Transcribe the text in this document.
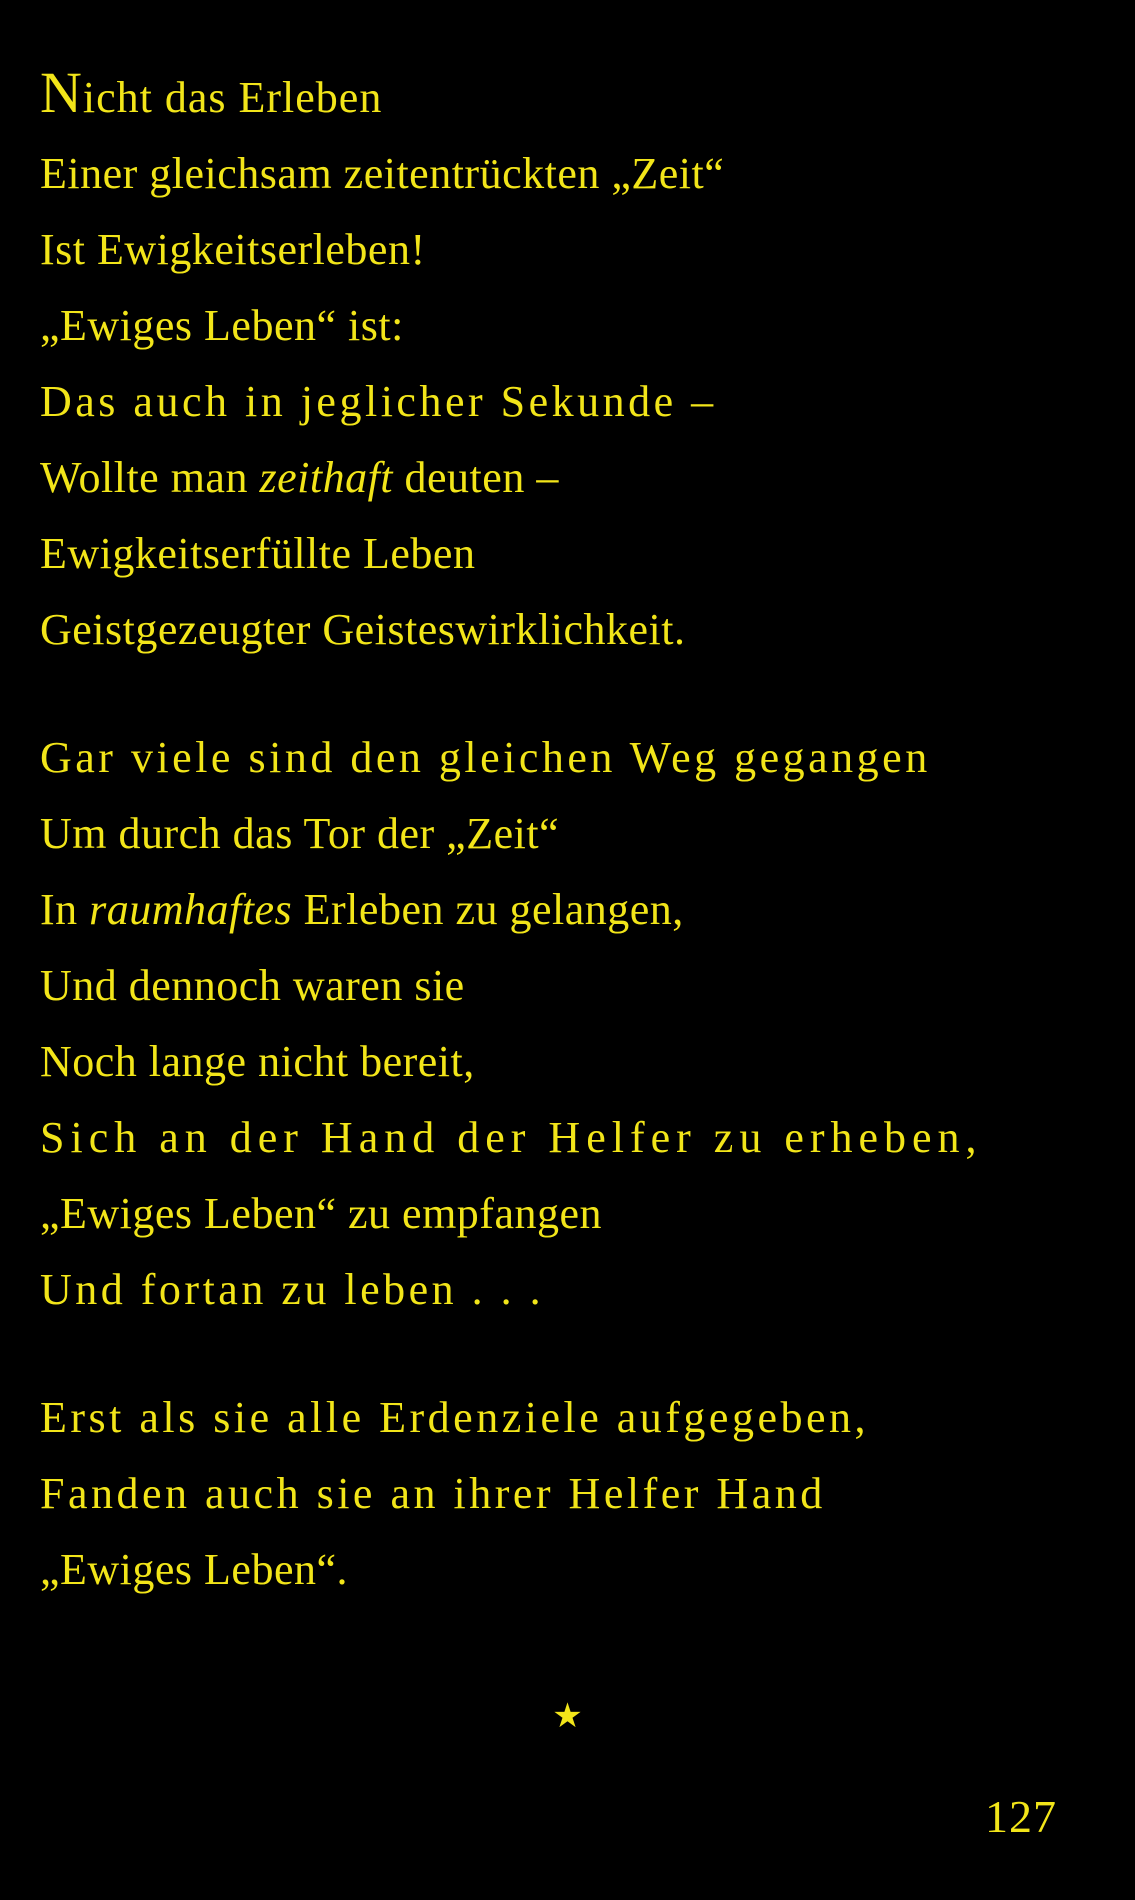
Nicht das Erleben
Einer gleichsam zeitentrückten „Zeit“
Ist Ewigkeitserleben!
„Ewiges Leben“ ist:
Das auch in jeglicher Sekunde –
Wollte man zeithaft deuten –
Ewigkeitserfüllte Leben
Geistgezeugter Geisteswirklichkeit.
Gar viele sind den gleichen Weg gegangen
Um durch das Tor der „Zeit“
In raumhaftes Erleben zu gelangen,
Und dennoch waren sie
Noch lange nicht bereit,
Sich an der Hand der Helfer zu erheben,
„Ewiges Leben“ zu empfangen
Und fortan zu leben . . .
Erst als sie alle Erdenziele aufgegeben,
Fanden auch sie an ihrer Helfer Hand
„Ewiges Leben“.
★
127
